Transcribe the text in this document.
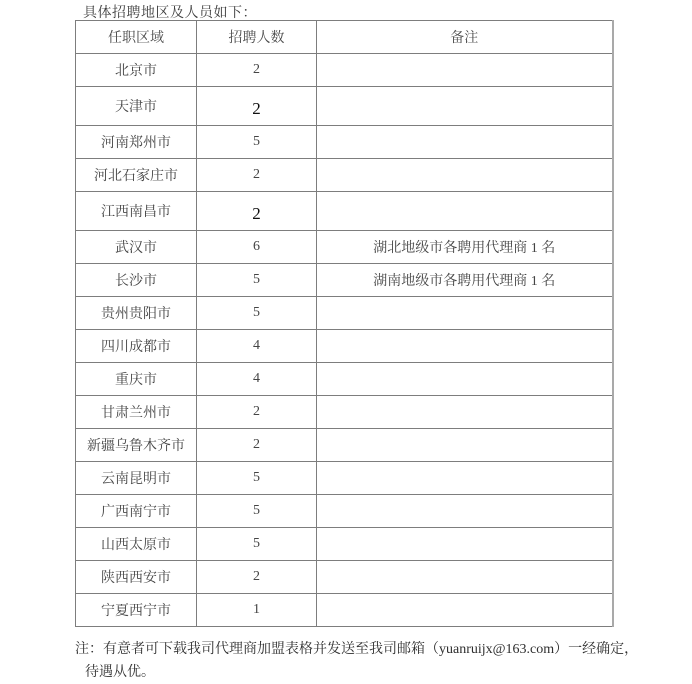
具体招聘地区及人员如下：

任职区域	招聘人数	备注
北京市	2	
天津市	2	
河南郑州市	5	
河北石家庄市	2	
江西南昌市	2	
武汉市	6	湖北地级市各聘用代理商 1 名
长沙市	5	湖南地级市各聘用代理商 1 名
贵州贵阳市	5	
四川成都市	4	
重庆市	4	
甘肃兰州市	2	
新疆乌鲁木齐市	2	
云南昆明市	5	
广西南宁市	5	
山西太原市	5	
陕西西安市	2	
宁夏西宁市	1	

注：有意者可下载我司代理商加盟表格并发送至我司邮箱（yuanruijx@163.com）一经确定，
待遇从优。
